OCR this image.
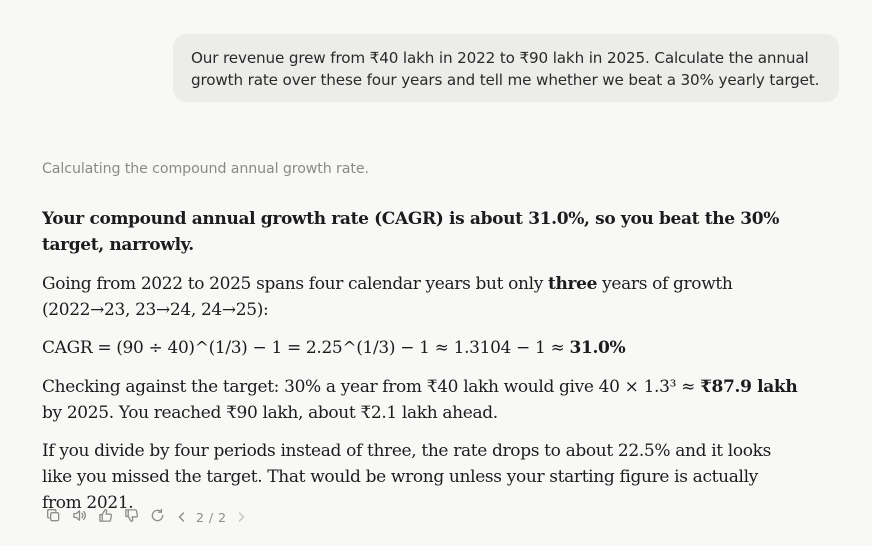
Our revenue grew from ₹40 lakh in 2022 to ₹90 lakh in 2025. Calculate the annual

growth rate over these four years and tell me whether we beat a 30% yearly target.

Calculating the compound annual growth rate.

Your compound annual growth rate (CAGR) is about 31.0%, so you beat the 30% target, narrowly.

Going from 2022 to 2025 spans four calendar years but only three years of growth (2022→23, 23→24, 24→25):

CAGR = (90 ÷ 40)^(1/3) − 1 = 2.25^(1/3) − 1 ≈ 1.3104 − 1 ≈ 31.0%

Checking against the target: 30% a year from ₹40 lakh would give 40 × 1.3³ ≈ ₹87.9 lakh by 2025. You reached ₹90 lakh, about ₹2.1 lakh ahead.

If you divide by four periods instead of three, the rate drops to about 22.5% and it looks like you missed the target. That would be wrong unless your starting figure is actually from 2021.

2 / 2
